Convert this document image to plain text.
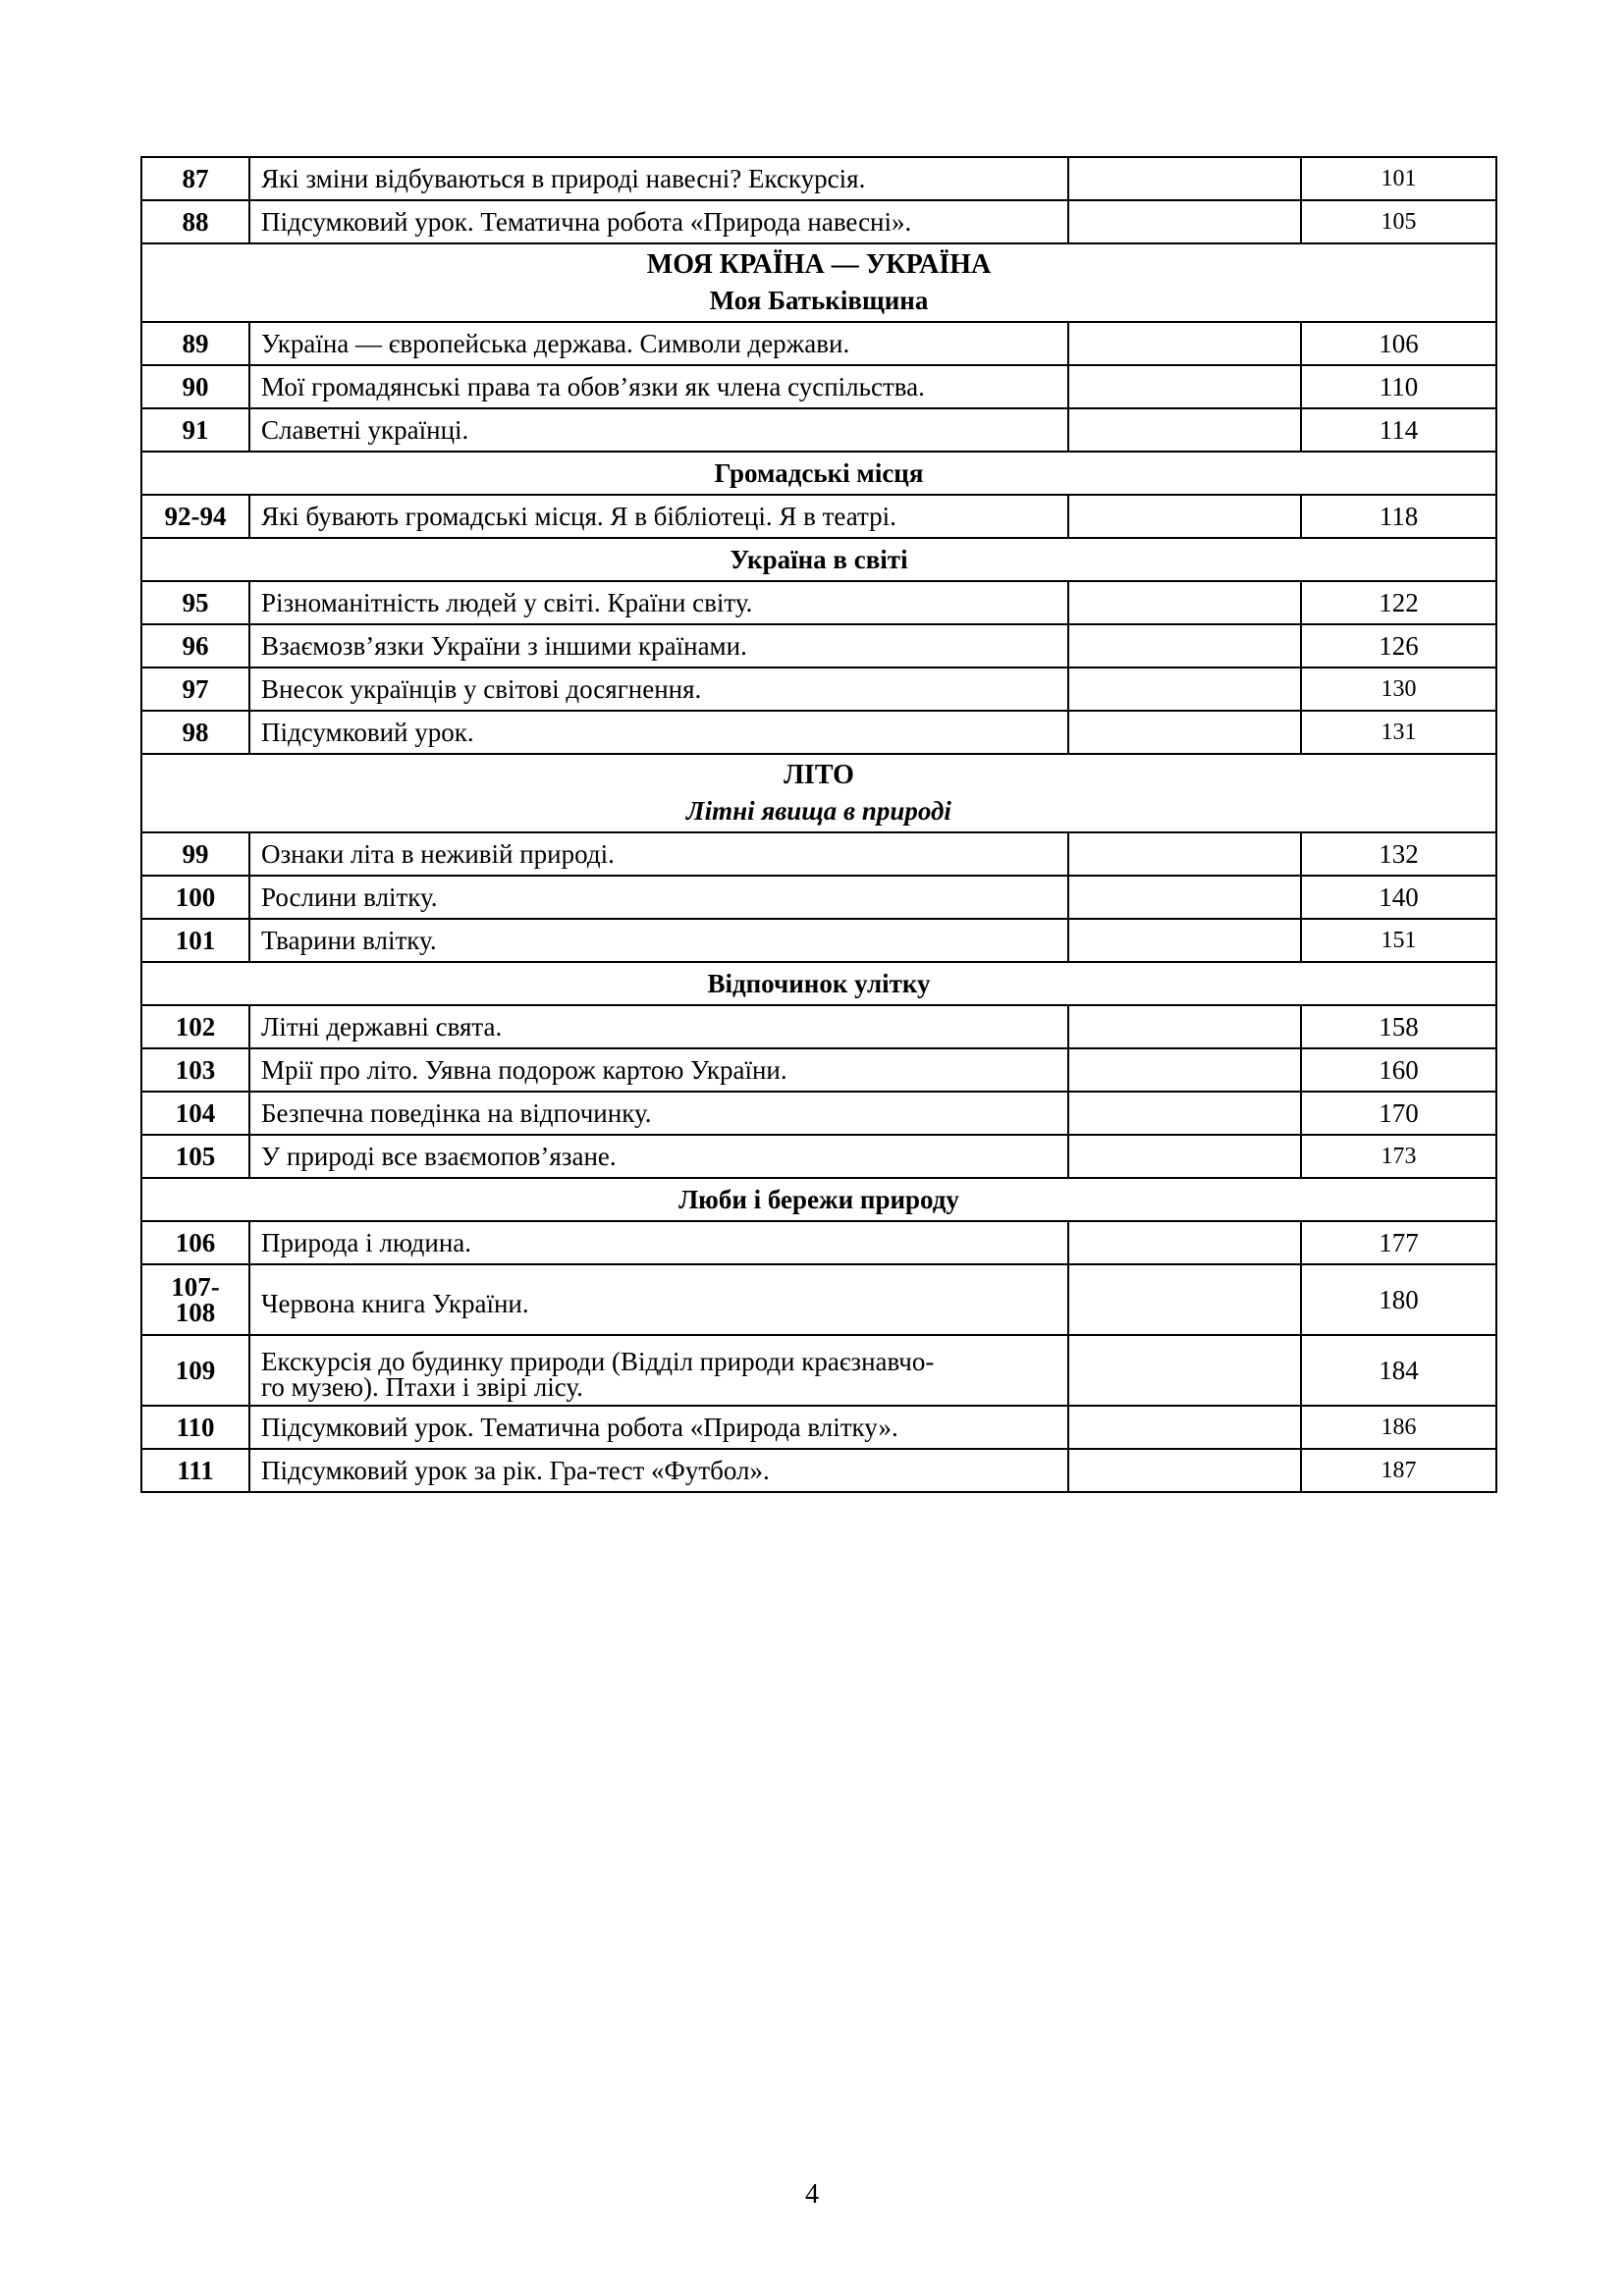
87	Які зміни відбуваються в природі навесні? Екскурсія.		101
88	Підсумковий урок. Тематична робота «Природа навесні».		105

МОЯ КРАЇНА — УКРАЇНА
Моя Батьківщина			

89	Україна — європейська держава. Символи держави.		106
90	Мої громадянські права та обов’язки як члена суспільства.		110
91	Славетні українці.		114
Громадські місця			
92-94	Які бувають громадські місця. Я в бібліотеці. Я в театрі.		118
Україна в світі			
95	Різноманітність людей у світі. Країни світу.		122
96	Взаємозв’язки України з іншими країнами.		126
97	Внесок українців у світові досягнення.		130
98	Підсумковий урок.		131

ЛІТО
Літні явища в природі			

99	Ознаки літа в неживій природі.		132
100	Рослини влітку.		140
101	Тварини влітку.		151
Відпочинок улітку			
102	Літні державні свята.		158
103	Мрії про літо. Уявна подорож картою України.		160
104	Безпечна поведінка на відпочинку.		170
105	У природі все взаємопов’язане.		173
Люби і бережи природу			
106	Природа і людина.		177
107-
108	Червона книга України.		180
109	Екскурсія до будинку природи (Відділ природи краєзнавчо-
го музею). Птахи і звірі лісу.		184
110	Підсумковий урок. Тематична робота «Природа влітку».		186
111	Підсумковий урок за рік. Гра-тест «Футбол».		187
4
